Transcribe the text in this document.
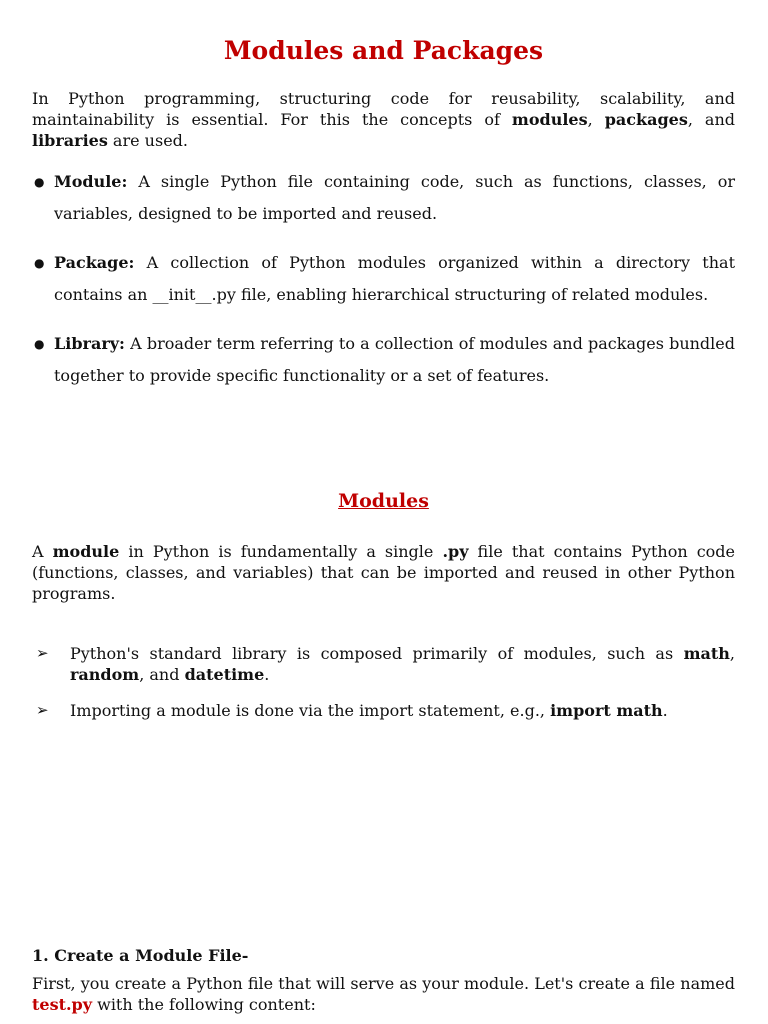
Modules and Packages
In Python programming, structuring code for reusability, scalability, and maintainability is essential. For this the concepts of modules, packages, and libraries are used.
● Module: A single Python file containing code, such as functions, classes, or variables, designed to be imported and reused.
● Package: A collection of Python modules organized within a directory that contains an __init__.py file, enabling hierarchical structuring of related modules.
● Library: A broader term referring to a collection of modules and packages bundled together to provide specific functionality or a set of features.
Modules
A module in Python is fundamentally a single .py file that contains Python code (functions, classes, and variables) that can be imported and reused in other Python programs.
➢ Python's standard library is composed primarily of modules, such as math, random, and datetime.
➢ Importing a module is done via the import statement, e.g., import math.
1. Create a Module File-
First, you create a Python file that will serve as your module. Let's create a file named test.py with the following content:
